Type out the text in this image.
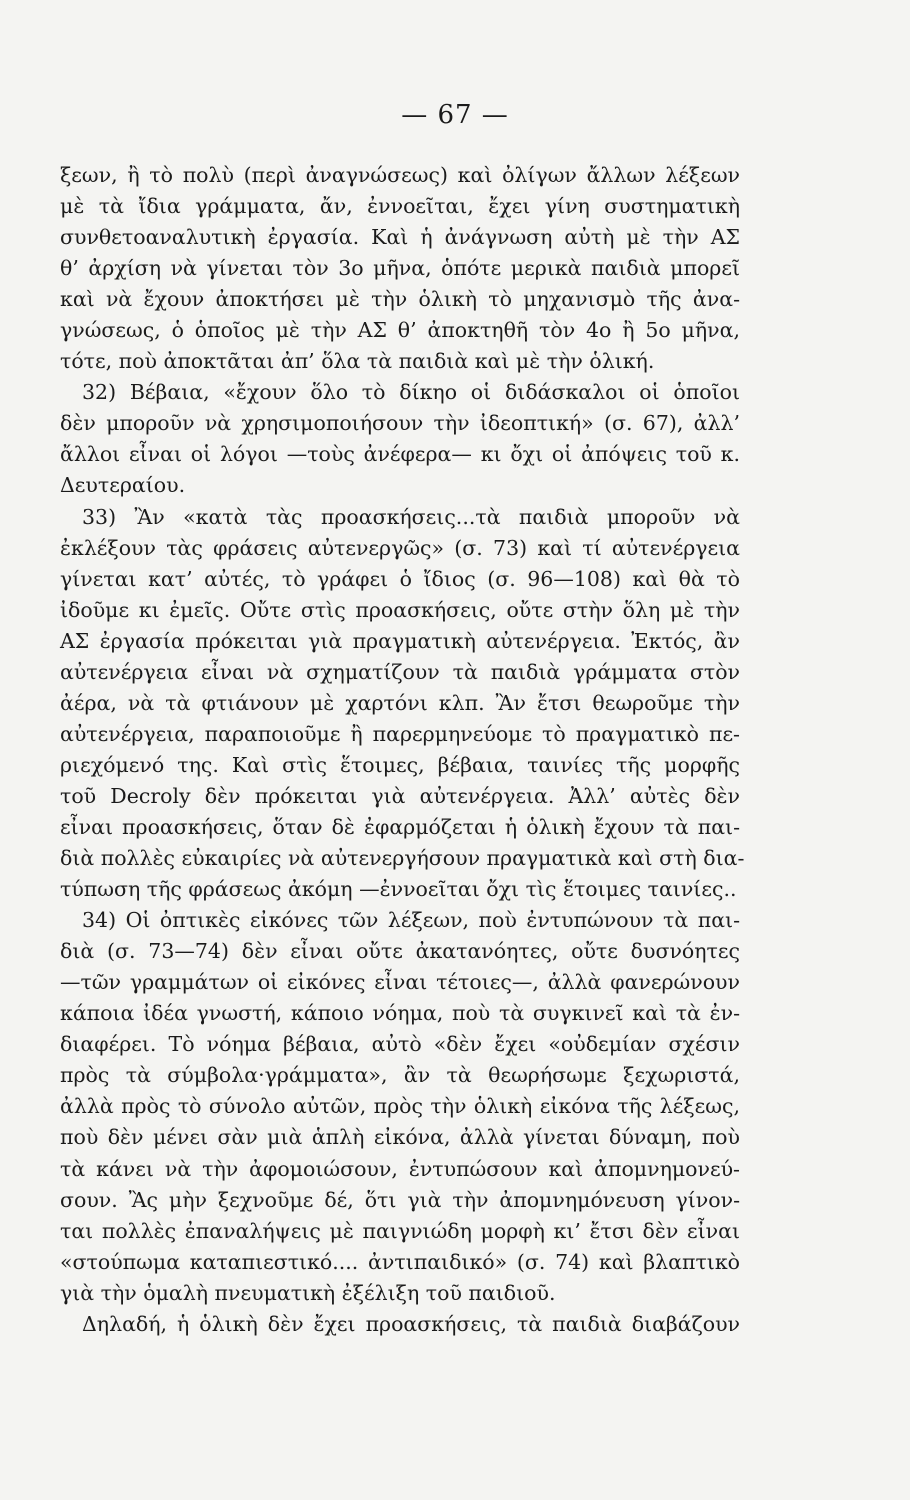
— 67 —
ξεων, ἢ τὸ πολὺ (περὶ ἀναγνώσεως) καὶ ὀλίγων ἄλλων λέξεων
μὲ τὰ ἴδια γράμματα, ἄν, ἐννοεῖται, ἔχει γίνη συστηματικὴ
συνθετοαναλυτικὴ ἐργασία. Καὶ ἡ ἀνάγνωση αὐτὴ μὲ τὴν ΑΣ
θ’ ἀρχίση νὰ γίνεται τὸν 3ο μῆνα, ὁπότε μερικὰ παιδιὰ μπορεῖ
καὶ νὰ ἔχουν ἀποκτήσει μὲ τὴν ὁλικὴ τὸ μηχανισμὸ τῆς ἀνα-
γνώσεως, ὁ ὁποῖος μὲ τὴν ΑΣ θ’ ἀποκτηθῆ τὸν 4ο ἢ 5ο μῆνα,
τότε, ποὺ ἀποκτᾶται ἀπ’ ὅλα τὰ παιδιὰ καὶ μὲ τὴν ὁλική.
32) Βέβαια, «ἔχουν ὅλο τὸ δίκηο οἱ διδάσκαλοι οἱ ὁποῖοι
δὲν μποροῦν νὰ χρησιμοποιήσουν τὴν ἰδεοπτική» (σ. 67), ἀλλ’
ἄλλοι εἶναι οἱ λόγοι —τοὺς ἀνέφερα— κι ὄχι οἱ ἀπόψεις τοῦ κ.
Δευτεραίου.
33) Ἂν «κατὰ τὰς προασκήσεις...τὰ παιδιὰ μποροῦν νὰ
ἐκλέξουν τὰς φράσεις αὐτενεργῶς» (σ. 73) καὶ τί αὐτενέργεια
γίνεται κατ’ αὐτές, τὸ γράφει ὁ ἴδιος (σ. 96—108) καὶ θὰ τὸ
ἰδοῦμε κι ἐμεῖς. Οὔτε στὶς προασκήσεις, οὔτε στὴν ὅλη μὲ τὴν
ΑΣ ἐργασία πρόκειται γιὰ πραγματικὴ αὐτενέργεια. Ἐκτός, ἂν
αὐτενέργεια εἶναι νὰ σχηματίζουν τὰ παιδιὰ γράμματα στὸν
ἀέρα, νὰ τὰ φτιάνουν μὲ χαρτόνι κλπ. Ἂν ἔτσι θεωροῦμε τὴν
αὐτενέργεια, παραποιοῦμε ἢ παρερμηνεύομε τὸ πραγματικὸ πε-
ριεχόμενό της. Καὶ στὶς ἕτοιμες, βέβαια, ταινίες τῆς μορφῆς
τοῦ Decroly δὲν πρόκειται γιὰ αὐτενέργεια. Ἀλλ’ αὐτὲς δὲν
εἶναι προασκήσεις, ὅταν δὲ ἐφαρμόζεται ἡ ὁλικὴ ἔχουν τὰ παι-
διὰ πολλὲς εὐκαιρίες νὰ αὐτενεργήσουν πραγματικὰ καὶ στὴ δια-
τύπωση τῆς φράσεως ἀκόμη —ἐννοεῖται ὄχι τὶς ἕτοιμες ταινίες..
34) Οἱ ὀπτικὲς εἰκόνες τῶν λέξεων, ποὺ ἐντυπώνουν τὰ παι-
διὰ (σ. 73—74) δὲν εἶναι οὔτε ἀκατανόητες, οὔτε δυσνόητες
—τῶν γραμμάτων οἱ εἰκόνες εἶναι τέτοιες—, ἀλλὰ φανερώνουν
κάποια ἰδέα γνωστή, κάποιο νόημα, ποὺ τὰ συγκινεῖ καὶ τὰ ἐν-
διαφέρει. Τὸ νόημα βέβαια, αὐτὸ «δὲν ἔχει «οὐδεμίαν σχέσιν
πρὸς τὰ σύμβολα·γράμματα», ἂν τὰ θεωρήσωμε ξεχωριστά,
ἀλλὰ πρὸς τὸ σύνολο αὐτῶν, πρὸς τὴν ὁλικὴ εἰκόνα τῆς λέξεως,
ποὺ δὲν μένει σὰν μιὰ ἁπλὴ εἰκόνα, ἀλλὰ γίνεται δύναμη, ποὺ
τὰ κάνει νὰ τὴν ἀφομοιώσουν, ἐντυπώσουν καὶ ἀπομνημονεύ-
σουν. Ἂς μὴν ξεχνοῦμε δέ, ὅτι γιὰ τὴν ἀπομνημόνευση γίνον-
ται πολλὲς ἐπαναλήψεις μὲ παιγνιώδη μορφὴ κι’ ἔτσι δὲν εἶναι
«στούπωμα καταπιεστικό.... ἀντιπαιδικό» (σ. 74) καὶ βλαπτικὸ
γιὰ τὴν ὁμαλὴ πνευματικὴ ἐξέλιξη τοῦ παιδιοῦ.
Δηλαδή, ἡ ὁλικὴ δὲν ἔχει προασκήσεις, τὰ παιδιὰ διαβάζουν
